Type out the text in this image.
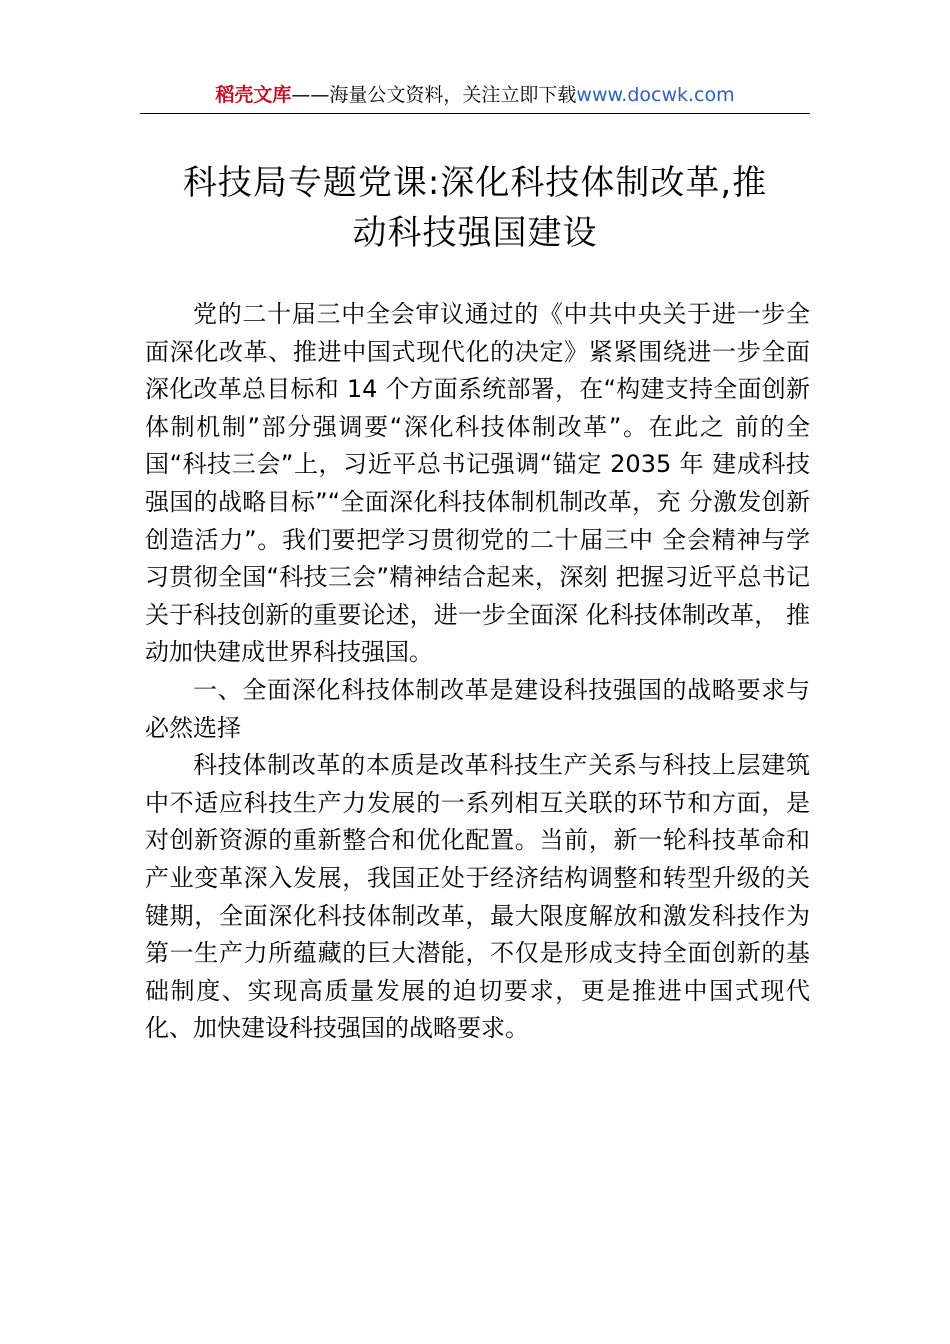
稻壳文库——海量公文资料，关注立即下载www.docwk.com
科技局专题党课:深化科技体制改革,推
动科技强国建设

党的二十届三中全会审议通过的《中共中央关于进一步全面深化改革、推进中国式现代化的决定》紧紧围绕进一步全面深化改革总目标和 14 个方面系统部署，在“构建支持全面创新体制机制”部分强调要“深化科技体制改革”。在此之 前的全国“科技三会”上，习近平总书记强调“锚定 2035 年 建成科技强国的战略目标”“全面深化科技体制机制改革，充 分激发创新创造活力”。我们要把学习贯彻党的二十届三中 全会精神与学习贯彻全国“科技三会”精神结合起来，深刻 把握习近平总书记关于科技创新的重要论述，进一步全面深 化科技体制改革， 推动加快建成世界科技强国。

一、全面深化科技体制改革是建设科技强国的战略要求与必然选择

科技体制改革的本质是改革科技生产关系与科技上层建筑中不适应科技生产力发展的一系列相互关联的环节和方面，是对创新资源的重新整合和优化配置。当前，新一轮科技革命和产业变革深入发展，我国正处于经济结构调整和转型升级的关键期，全面深化科技体制改革，最大限度解放和激发科技作为第一生产力所蕴藏的巨大潜能，不仅是形成支持全面创新的基础制度、实现高质量发展的迫切要求，更是推进中国式现代化、加快建设科技强国的战略要求。
